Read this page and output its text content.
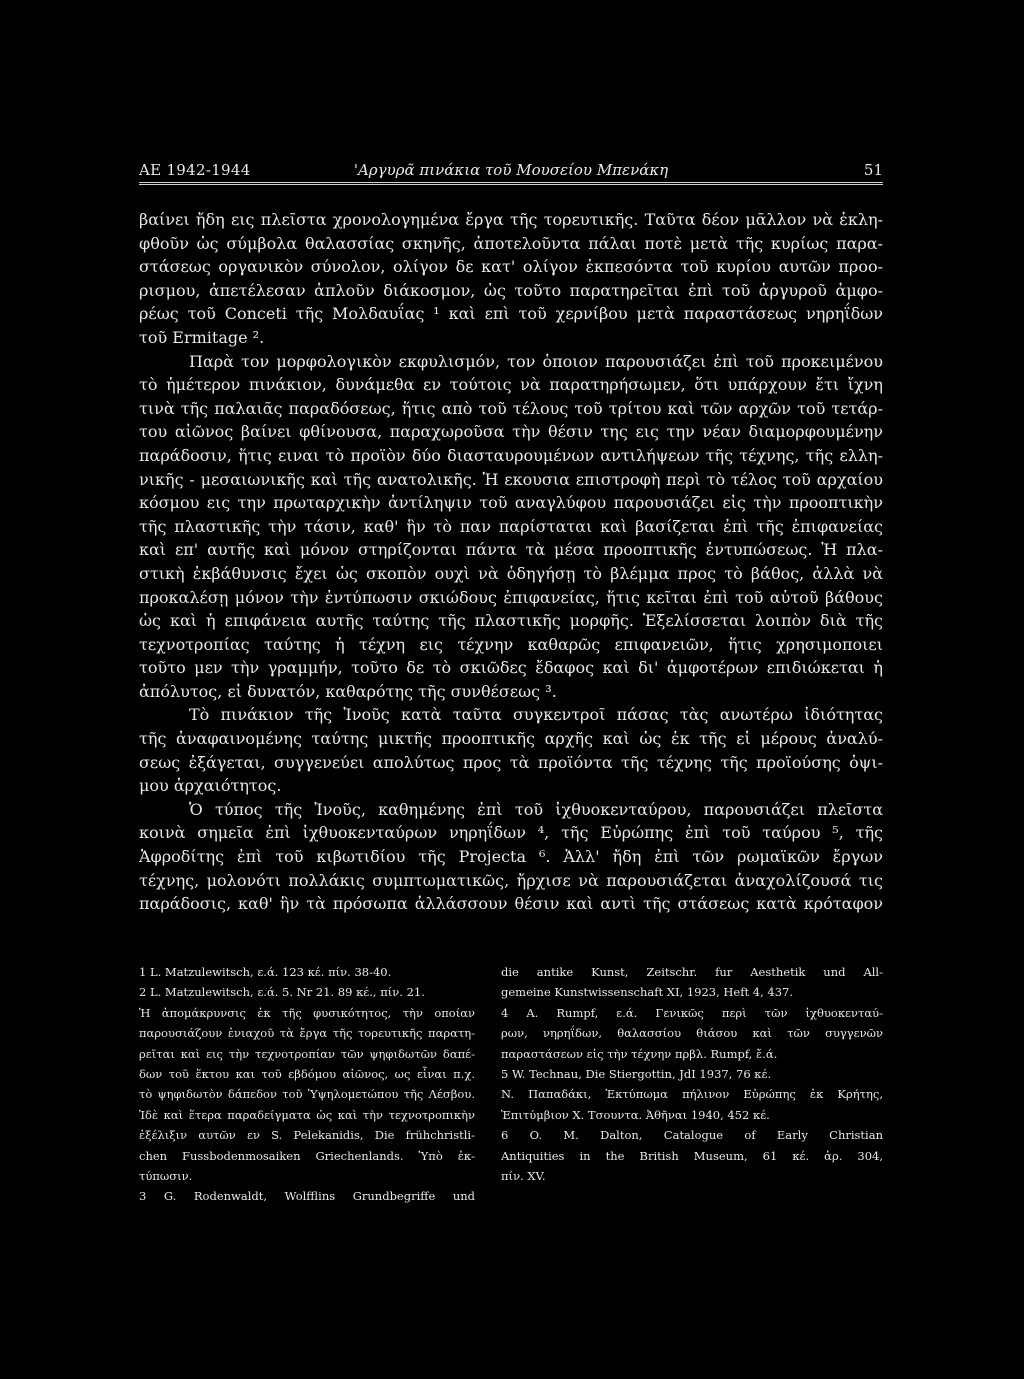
ΑΕ 1942-1944	'Αργυρᾶ πινάκια τοῦ Μουσείου Μπενάκη	51
βαίνει ἤδη εις πλεῖστα χρονολογημένα ἔργα τῆς τορευτικῆς. Ταῦτα δέον μᾶλλον νὰ ἐκλη-
φθοῦν ὡς σύμβολα θαλασσίας σκηνῆς, ἀποτελοῦντα πάλαι ποτὲ μετὰ τῆς κυρίως παρα-
στάσεως οργανικὸν σύνολον, ολίγον δε κατ' ολίγον ἐκπεσόντα τοῦ κυρίου αυτῶν προο-
ρισμου, ἀπετέλεσαν ἁπλοῦν διάκοσμον, ὡς τοῦτο παρατηρεῖται ἐπὶ τοῦ ἀργυροῦ ἀμφο-
ρέως τοῦ Conceti τῆς Μολδαυΐας ¹ καὶ επὶ τοῦ χερνίβου μετὰ παραστάσεως νηρηΐδων
τοῦ Ermitage ².
Παρὰ τον μορφολογικὸν εκφυλισμόν, τον ὁποιον παρουσιάζει ἐπὶ τοῦ προκειμένου
τὸ ἡμέτερον πινάκιον, δυνάμεθα εν τούτοις νὰ παρατηρήσωμεν, ὅτι υπάρχουν ἔτι ἴχνη
τινὰ τῆς παλαιᾶς παραδόσεως, ἥτις απὸ τοῦ τέλους τοῦ τρίτου καὶ τῶν αρχῶν τοῦ τετάρ-
του αἰῶνος βαίνει φθίνουσα, παραχωροῦσα τὴν θέσιν της εις την νέαν διαμορφουμένην
παράδοσιν, ἥτις ειναι τὸ προϊὸν δύο διασταυρουμένων αντιλήψεων τῆς τέχνης, τῆς ελλη-
νικῆς - μεσαιωνικῆς καὶ τῆς ανατολικῆς. Ἡ εκουσια επιστροφὴ περὶ τὸ τέλος τοῦ αρχαίου
κόσμου εις την πρωταρχικὴν ἀντίληψιν τοῦ αναγλύφου παρουσιάζει εἰς τὴν προοπτικὴν
τῆς πλαστικῆς τὴν τάσιν, καθ' ἣν τὸ παν παρίσταται καὶ βασίζεται ἐπὶ τῆς ἐπιφανείας
καὶ επ' αυτῆς καὶ μόνον στηρίζονται πάντα τὰ μέσα προοπτικῆς ἐντυπώσεως. Ἡ πλα-
στικὴ ἐκβάθυνσις ἔχει ὡς σκοπὸν ουχὶ νὰ ὁδηγήσῃ τὸ βλέμμα προς τὸ βάθος, ἀλλὰ νὰ
προκαλέσῃ μόνον τὴν ἐντύπωσιν σκιώδους ἐπιφανείας, ἥτις κεῖται ἐπὶ τοῦ αὐτοῦ βάθους
ὡς καὶ ἡ επιφάνεια αυτῆς ταύτης τῆς πλαστικῆς μορφῆς. Ἐξελίσσεται λοιπὸν διὰ τῆς
τεχνοτροπίας ταύτης ἡ τέχνη εις τέχνην καθαρῶς επιφανειῶν, ἥτις χρησιμοποιει
τοῦτο μεν τὴν γραμμήν, τοῦτο δε τὸ σκιῶδες ἔδαφος καὶ δι' ἀμφοτέρων επιδιώκεται ἡ
ἀπόλυτος, εἰ δυνατόν, καθαρότης τῆς συνθέσεως ³.
Τὸ πινάκιον τῆς Ἰνοῦς κατὰ ταῦτα συγκεντροῖ πάσας τὰς ανωτέρω ἰδιότητας
τῆς ἀναφαινομένης ταύτης μικτῆς προοπτικῆς αρχῆς καὶ ὡς ἐκ τῆς εἰ μέρους ἀναλύ-
σεως ἐξάγεται, συγγενεύει απολύτως προς τὰ προϊόντα τῆς τέχνης τῆς προϊούσης ὀψι-
μου ἀρχαιότητος.
Ὁ τύπος τῆς Ἰνοῦς, καθημένης ἐπὶ τοῦ ἰχθυοκενταύρου, παρουσιάζει πλεῖστα
κοινὰ σημεῖα ἐπὶ ἰχθυοκενταύρων νηρηΐδων ⁴, τῆς Εὐρώπης ἐπὶ τοῦ ταύρου ⁵, τῆς
Ἀφροδίτης ἐπὶ τοῦ κιβωτιδίου τῆς Projecta ⁶. Ἀλλ' ἤδη ἐπὶ τῶν ρωμαϊκῶν ἔργων
τέχνης, μολονότι πολλάκις συμπτωματικῶς, ἤρχισε νὰ παρουσιάζεται ἀναχολίζουσά τις
παράδοσις, καθ' ἣν τὰ πρόσωπα ἀλλάσσουν θέσιν καὶ αντὶ τῆς στάσεως κατὰ κρόταφον
1 L. Matzulewitsch, ε.ά. 123 κέ. πίν. 38-40.
2 L. Matzulewitsch, ε.ά. 5. Nr 21. 89 κέ., πίν. 21.
Ἡ ἀπομάκρυνσις ἐκ τῆς φυσικότητος, τὴν οποίαν
παρουσιάζουν ἐνιαχοῦ τὰ ἔργα τῆς τορευτικῆς παρατη-
ρεῖται καὶ εις τὴν τεχνοτροπίαν τῶν ψηφιδωτῶν δαπέ-
δων τοῦ ἕκτου και τοῦ εβδόμου αἰῶνος, ως εἶναι π.χ.
τὸ ψηφιδωτὸν δάπεδον τοῦ Ὑψηλομετώπου τῆς Λέσβου.
Ἰδὲ καὶ ἕτερα παραδείγματα ὡς καὶ τὴν τεχνοτροπικὴν
ἐξέλιξιν αυτῶν εν S. Pelekanidis, Die frühchristli-
chen Fussbodenmosaiken Griechenlands. Ὑπὸ ἐκ-
τύπωσιν.
3 G. Rodenwaldt, Wolfflins Grundbegriffe und
die antike Kunst, Zeitschr. fur Aesthetik und All-
gemeine Kunstwissenschaft XI, 1923, Heft 4, 437.
4 A. Rumpf, ε.ά. Γενικῶς περὶ τῶν ἰχθυοκενταύ-
ρων, νηρηΐδων, θαλασσίου θιάσου καὶ τῶν συγγενῶν
παραστάσεων εἰς τὴν τέχνην πρβλ. Rumpf, ἔ.ά.
5 W. Technau, Die Stiergottin, JdI 1937, 76 κέ.
N. Παπαδάκι, Ἐκτύπωμα πήλινον Εὐρώπης ἐκ Κρήτης,
Ἐπιτύμβιον Χ. Τσουντα. Ἀθῆναι 1940, 452 κέ.
6 O. M. Dalton, Catalogue of Early Christian
Antiquities in the British Museum, 61 κέ. ἀρ. 304,
πίν. XV.
